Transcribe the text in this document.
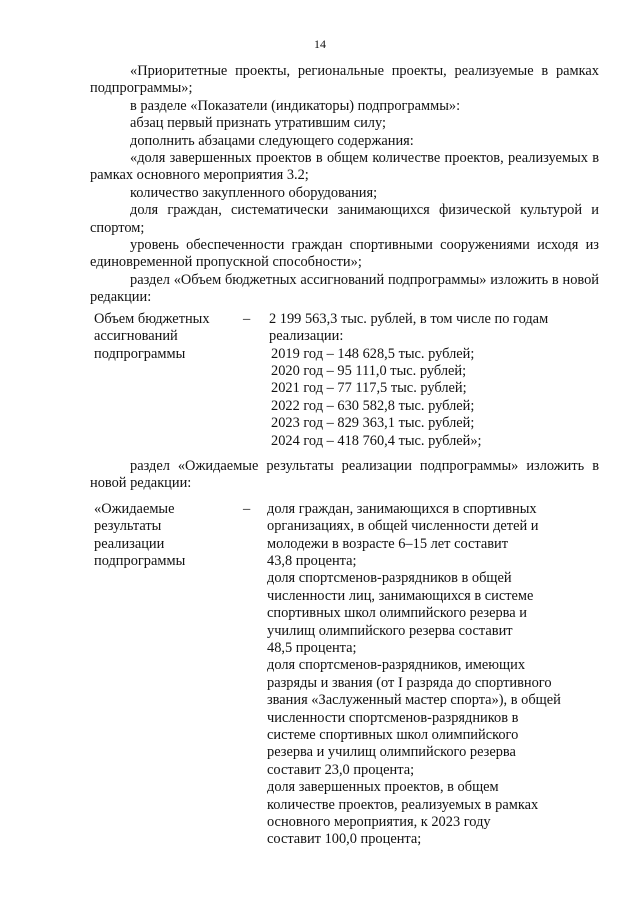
14

«Приоритетные проекты, региональные проекты, реализуемые в рамках подпрограммы»;

в разделе «Показатели (индикаторы) подпрограммы»:

абзац первый признать утратившим силу;

дополнить абзацами следующего содержания:

«доля завершенных проектов в общем количестве проектов, реализуемых в рамках основного мероприятия 3.2;

количество закупленного оборудования;

доля граждан, систематически занимающихся физической культурой и спортом;

уровень обеспеченности граждан спортивными сооружениями исходя из единовременной пропускной способности»;

раздел «Объем бюджетных ассигнований подпрограммы» изложить в новой редакции:

Объем бюджетных
ассигнований
подпрограммы
–	2 199 563,3 тыс. рублей, в том числе по годам
реализации:
2019 год – 148 628,5 тыс. рублей;
2020 год – 95 111,0 тыс. рублей;
2021 год – 77 117,5 тыс. рублей;
2022 год – 630 582,8 тыс. рублей;
2023 год – 829 363,1 тыс. рублей;
2024 год – 418 760,4 тыс. рублей»;

раздел «Ожидаемые результаты реализации подпрограммы» изложить в новой редакции:

«Ожидаемые
результаты
реализации
подпрограммы
–	доля граждан, занимающихся в спортивных
организациях, в общей численности детей и
молодежи в возрасте 6–15 лет составит
43,8 процента;
доля спортсменов-разрядников в общей
численности лиц, занимающихся в системе
спортивных школ олимпийского резерва и
училищ олимпийского резерва составит
48,5 процента;
доля спортсменов-разрядников, имеющих
разряды и звания (от I разряда до спортивного
звания «Заслуженный мастер спорта»), в общей
численности спортсменов-разрядников в
системе спортивных школ олимпийского
резерва и училищ олимпийского резерва
составит 23,0 процента;
доля завершенных проектов, в общем
количестве проектов, реализуемых в рамках
основного мероприятия, к 2023 году
составит 100,0 процента;
